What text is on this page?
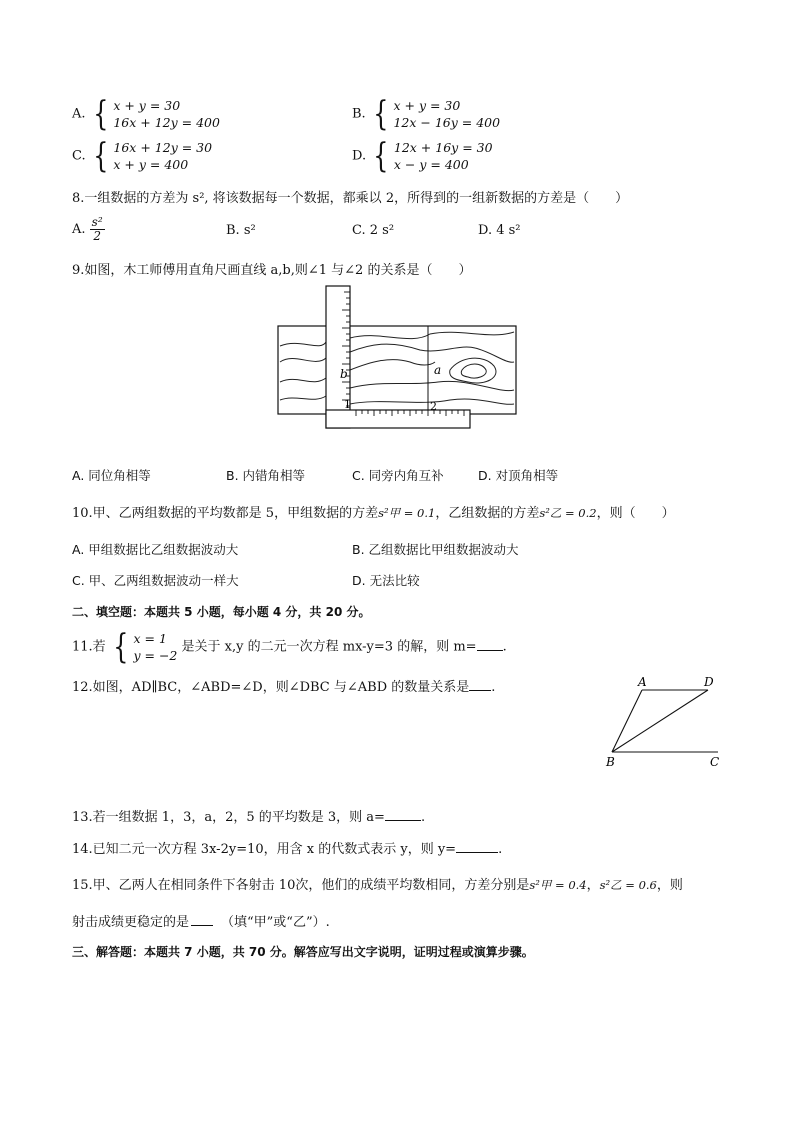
A. { x + y = 30
16x + 12y = 400
B. { x + y = 30
12x − 16y = 400
C. { 16x + 12y = 30
x + y = 400
D. { 12x + 16y = 30
x − y = 400
8.一组数据的方差为 s², 将该数据每一个数据，都乘以 2，所得到的一组新数据的方差是（　　）
A. $\frac{\text{s²}}{2}$	B. s²	C. 2 s²	D. 4 s²
9.如图，木工师傅用直角尺画直线 a,b,则∠1 与∠2 的关系是（　　）
b	a
1	2
A. 同位角相等	B. 内错角相等	C. 同旁内角互补	D. 对顶角相等
10.甲、乙两组数据的平均数都是 5，甲组数据的方差s²甲 = 0.1，乙组数据的方差s²乙 = 0.2，则（　　）
A. 甲组数据比乙组数据波动大	B. 乙组数据比甲组数据波动大
C. 甲、乙两组数据波动一样大	D. 无法比较
二、填空题：本题共 5 小题，每小题 4 分，共 20 分。
11.若 { x = 1
y = −2
是关于 x,y 的二元一次方程 mx-y=3 的解，则 m= .
12.如图，AD∥BC，∠ABD=∠D，则∠DBC 与∠ABD 的数量关系是 .	A	D
B	C
13.若一组数据 1，3，a，2，5 的平均数是 3，则 a=	.
14.已知二元一次方程 3x-2y=10，用含 x 的代数式表示 y，则 y=	.
15.甲、乙两人在相同条件下各射击 10次，他们的成绩平均数相同，方差分别是s²甲 = 0.4，s²乙 = 0.6，则
射击成绩更稳定的是 （填“甲”或“乙”）.
三、解答题：本题共 7 小题，共 70 分。解答应写出文字说明，证明过程或演算步骤。
